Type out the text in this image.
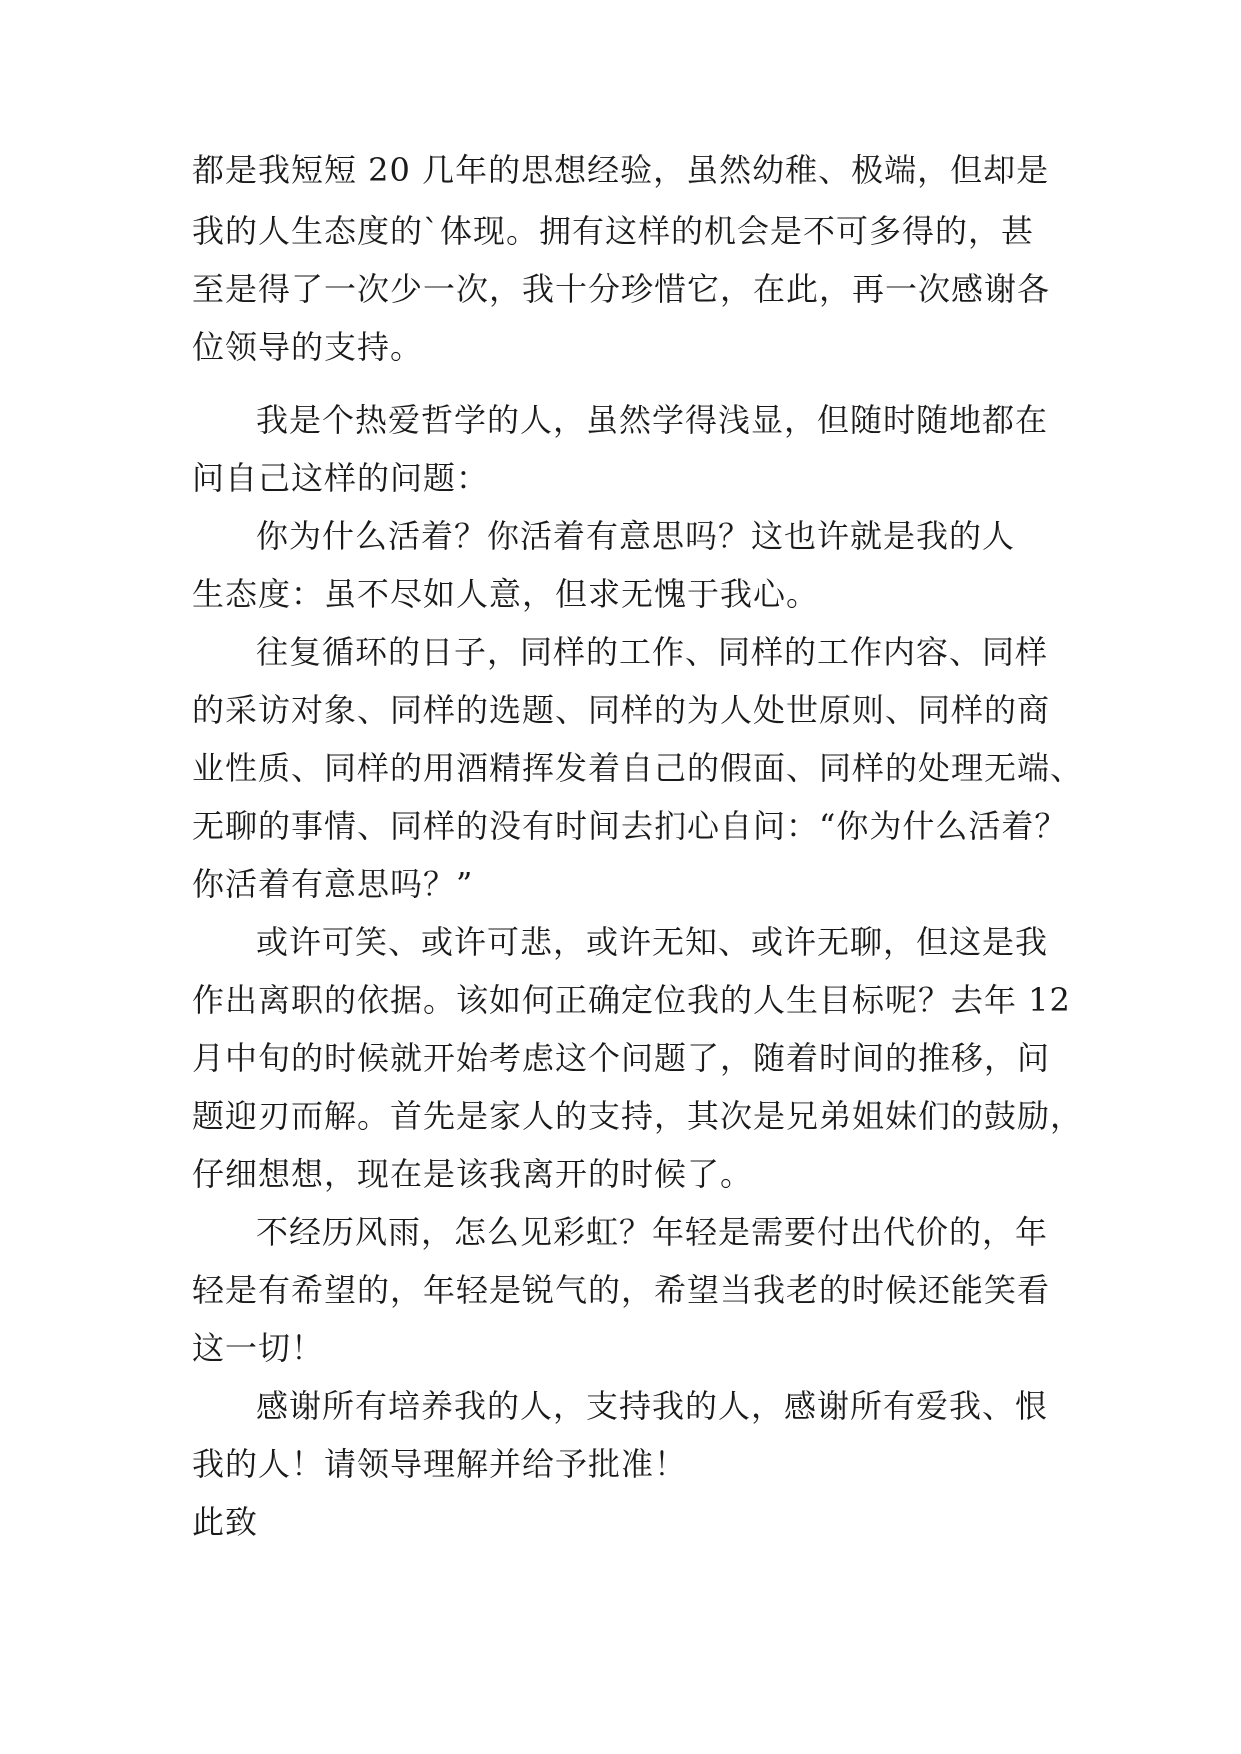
都是我短短 20 几年的思想经验，虽然幼稚、极端，但却是
我的人生态度的`体现。拥有这样的机会是不可多得的，甚
至是得了一次少一次，我十分珍惜它，在此，再一次感谢各
位领导的支持。
我是个热爱哲学的人，虽然学得浅显，但随时随地都在
问自己这样的问题：
你为什么活着？你活着有意思吗？这也许就是我的人
生态度：虽不尽如人意，但求无愧于我心。
往复循环的日子，同样的工作、同样的工作内容、同样
的采访对象、同样的选题、同样的为人处世原则、同样的商
业性质、同样的用酒精挥发着自己的假面、同样的处理无端、
无聊的事情、同样的没有时间去扪心自问：“你为什么活着？
你活着有意思吗？”
或许可笑、或许可悲，或许无知、或许无聊，但这是我
作出离职的依据。该如何正确定位我的人生目标呢？去年 12
月中旬的时候就开始考虑这个问题了，随着时间的推移，问
题迎刃而解。首先是家人的支持，其次是兄弟姐妹们的鼓励，
仔细想想，现在是该我离开的时候了。
不经历风雨，怎么见彩虹？年轻是需要付出代价的，年
轻是有希望的，年轻是锐气的，希望当我老的时候还能笑看
这一切！
感谢所有培养我的人，支持我的人，感谢所有爱我、恨
我的人！请领导理解并给予批准！
此致
